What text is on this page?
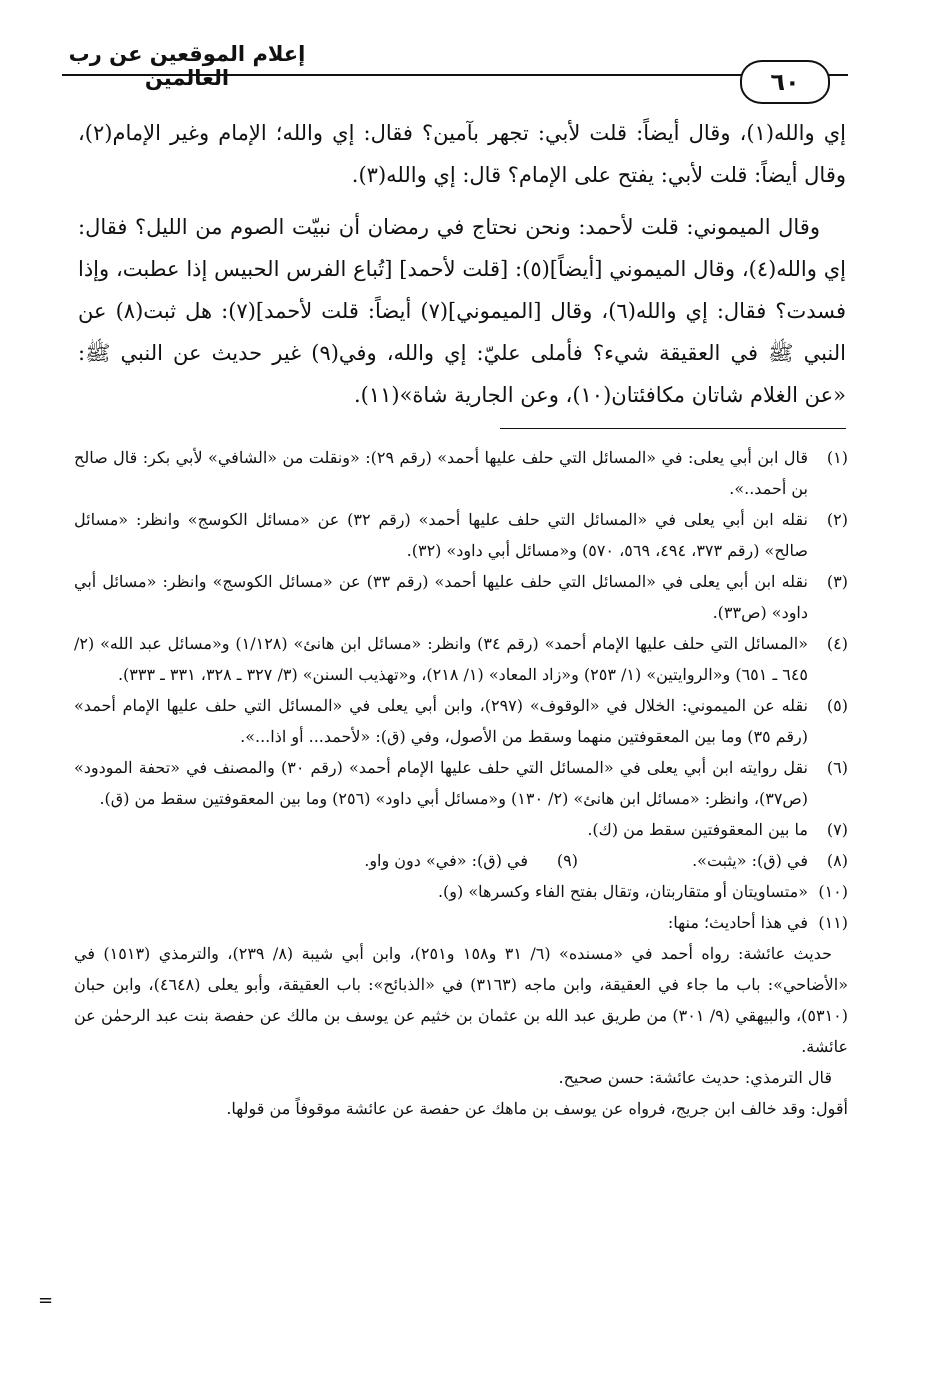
إعلام الموقعين عن رب العالمين	٦٠

إي والله(١)، وقال أيضاً: قلت لأبي: تجهر بآمين؟ فقال: إي والله؛ الإمام وغير الإمام(٢)، وقال أيضاً: قلت لأبي: يفتح على الإمام؟ قال: إي والله(٣).

وقال الميموني: قلت لأحمد: ونحن نحتاج في رمضان أن نبيّت الصوم من الليل؟ فقال: إي والله(٤)، وقال الميموني [أيضاً](٥): [قلت لأحمد] [تُباع الفرس الحبيس إذا عطبت، وإذا فسدت؟ فقال: إي والله(٦)، وقال [الميموني](٧) أيضاً: قلت لأحمد](٧): هل ثبت(٨) عن النبي ﷺ في العقيقة شيء؟ فأملى عليّ: إي والله، وفي(٩) غير حديث عن النبي ﷺ: «عن الغلام شاتان مكافئتان(١٠)، وعن الجارية شاة»(١١).

(١)
قال ابن أبي يعلى: في «المسائل التي حلف عليها أحمد» (رقم ٢٩): «ونقلت من «الشافي» لأبي بكر: قال صالح بن أحمد..».
(٢)
نقله ابن أبي يعلى في «المسائل التي حلف عليها أحمد» (رقم ٣٢) عن «مسائل الكوسج» وانظر: «مسائل صالح» (رقم ٣٧٣، ٤٩٤، ٥٦٩، ٥٧٠) و«مسائل أبي داود» (٣٢).
(٣)
نقله ابن أبي يعلى في «المسائل التي حلف عليها أحمد» (رقم ٣٣) عن «مسائل الكوسج» وانظر: «مسائل أبي داود» (ص٣٣).
(٤)
«المسائل التي حلف عليها الإمام أحمد» (رقم ٣٤) وانظر: «مسائل ابن هانئ» (١/١٢٨) و«مسائل عبد الله» (٢/ ٦٤٥ ـ ٦٥١) و«الروايتين» (١/ ٢٥٣) و«زاد المعاد» (١/ ٢١٨)، و«تهذيب السنن» (٣/ ٣٢٧ ـ ٣٢٨، ٣٣١ ـ ٣٣٣).
(٥)
نقله عن الميموني: الخلال في «الوقوف» (٢٩٧)، وابن أبي يعلى في «المسائل التي حلف عليها الإمام أحمد» (رقم ٣٥) وما بين المعقوفتين منهما وسقط من الأصول، وفي (ق): «لأحمد... أو اذا...».
(٦)
نقل روايته ابن أبي يعلى في «المسائل التي حلف عليها الإمام أحمد» (رقم ٣٠) والمصنف في «تحفة المودود» (ص٣٧)، وانظر: «مسائل ابن هانئ» (٢/ ١٣٠) و«مسائل أبي داود» (٢٥٦) وما بين المعقوفتين سقط من (ق).
(٧)
ما بين المعقوفتين سقط من (ك).
(٨)
في (ق): «يثبت».
(٩)
في (ق): «في» دون واو.
(١٠)
«متساويتان أو متقاربتان، وتقال بفتح الفاء وكسرها» (و).
(١١)
في هذا أحاديث؛ منها:

حديث عائشة: رواه أحمد في «مسنده» (٦/ ٣١ و١٥٨ و٢٥١)، وابن أبي شيبة (٨/ ٢٣٩)، والترمذي (١٥١٣) في «الأضاحي»: باب ما جاء في العقيقة، وابن ماجه (٣١٦٣) في «الذبائح»: باب العقيقة، وأبو يعلى (٤٦٤٨)، وابن حبان (٥٣١٠)، والبيهقي (٩/ ٣٠١) من طريق عبد الله بن عثمان بن خثيم عن يوسف بن مالك عن حفصة بنت عبد الرحمٰن عن عائشة.

قال الترمذي: حديث عائشة: حسن صحيح.

أقول: وقد خالف ابن جريج، فرواه عن يوسف بن ماهك عن حفصة عن عائشة موقوفاً من قولها.

=
